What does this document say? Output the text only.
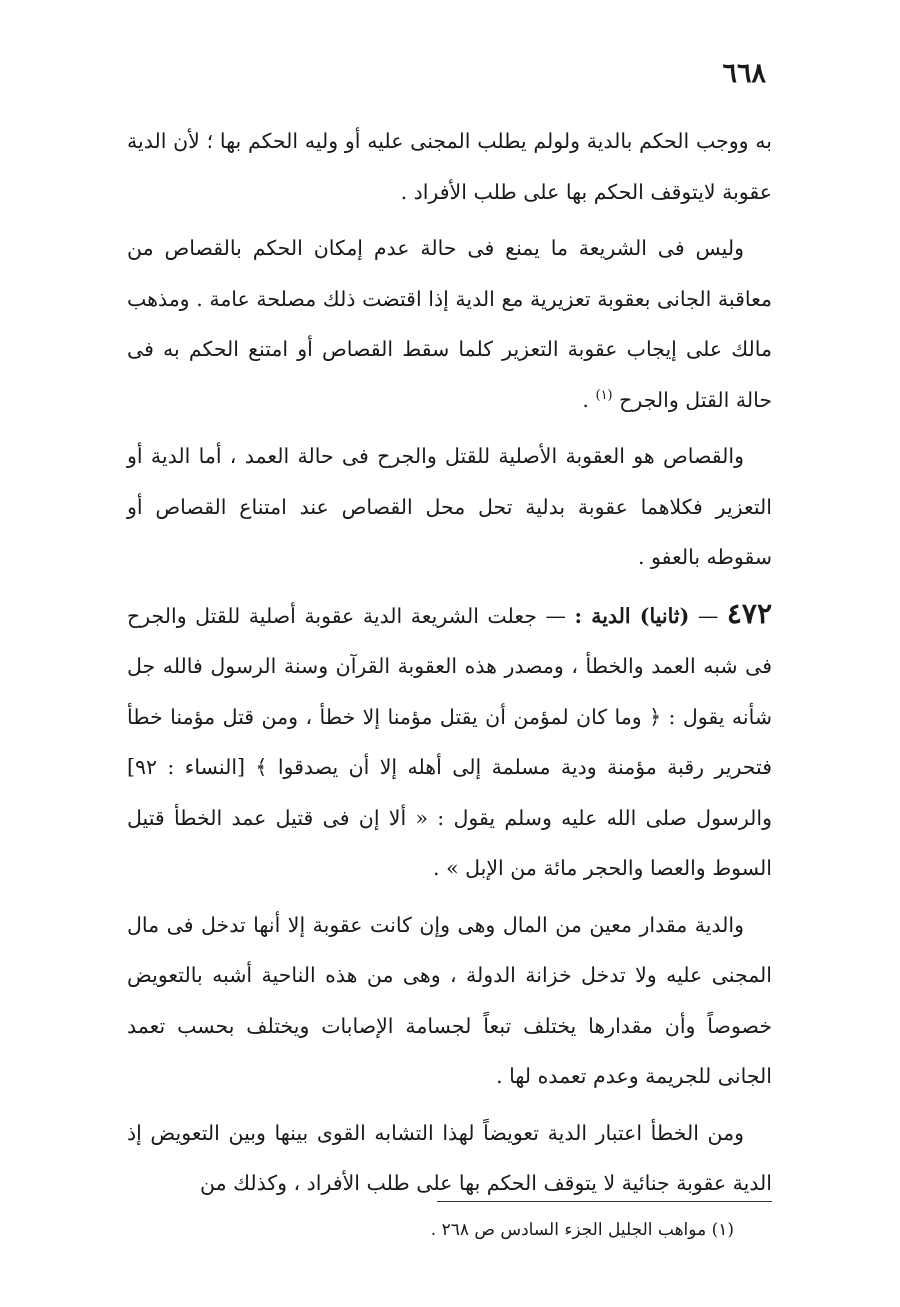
٦٦٨

به ووجب الحكم بالدية ولولم يطلب المجنى عليه أو وليه الحكم بها ؛ لأن الدية عقوبة لايتوقف الحكم بها على طلب الأفراد .

وليس فى الشريعة ما يمنع فى حالة عدم إمكان الحكم بالقصاص من معاقبة الجانى بعقوبة تعزيرية مع الدية إذا اقتضت ذلك مصلحة عامة . ومذهب مالك على إيجاب عقوبة التعزير كلما سقط القصاص أو امتنع الحكم به فى حالة القتل والجرح $^{(١)}$ .

والقصاص هو العقوبة الأصلية للقتل والجرح فى حالة العمد ، أما الدية أو التعزير فكلاهما عقوبة بدلية تحل محل القصاص عند امتناع القصاص أو سقوطه بالعفو .

٤٧٢ — (ثانيا) الدية : — جعلت الشريعة الدية عقوبة أصلية للقتل والجرح فى شبه العمد والخطأ ، ومصدر هذه العقوبة القرآن وسنة الرسول فالله جل شأنه يقول : ﴿ وما كان لمؤمن أن يقتل مؤمنا إلا خطأ ، ومن قتل مؤمنا خطأ فتحرير رقبة مؤمنة ودية مسلمة إلى أهله إلا أن يصدقوا ﴾ [النساء : ٩٢] والرسول صلى الله عليه وسلم يقول : « ألا إن فى قتيل عمد الخطأ قتيل السوط والعصا والحجر مائة من الإبل » .

والدية مقدار معين من المال وهى وإن كانت عقوبة إلا أنها تدخل فى مال المجنى عليه ولا تدخل خزانة الدولة ، وهى من هذه الناحية أشبه بالتعويض خصوصاً وأن مقدارها يختلف تبعاً لجسامة الإصابات ويختلف بحسب تعمد الجانى للجريمة وعدم تعمده لها .

ومن الخطأ اعتبار الدية تعويضاً لهذا التشابه القوى بينها وبين التعويض إذ الدية عقوبة جنائية لا يتوقف الحكم بها على طلب الأفراد ، وكذلك من

(١) مواهب الجليل الجزء السادس ص ٢٦٨ .
